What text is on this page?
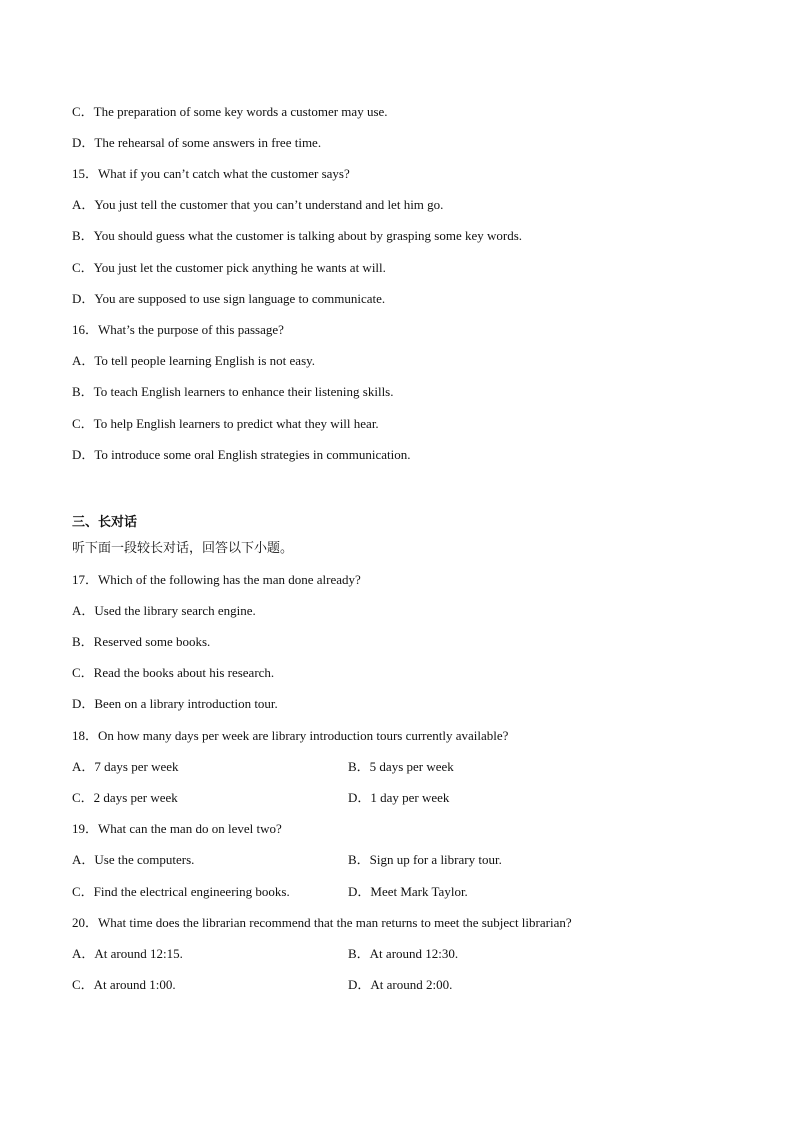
C．The preparation of some key words a customer may use.
D．The rehearsal of some answers in free time.
15．What if you can’t catch what the customer says?
A．You just tell the customer that you can’t understand and let him go.
B．You should guess what the customer is talking about by grasping some key words.
C．You just let the customer pick anything he wants at will.
D．You are supposed to use sign language to communicate.
16．What’s the purpose of this passage?
A．To tell people learning English is not easy.
B．To teach English learners to enhance their listening skills.
C．To help English learners to predict what they will hear.
D．To introduce some oral English strategies in communication.
三、长对话
听下面一段较长对话，回答以下小题。
17．Which of the following has the man done already?
A．Used the library search engine.
B．Reserved some books.
C．Read the books about his research.
D．Been on a library introduction tour.
18．On how many days per week are library introduction tours currently available?
A．7 days per week	B．5 days per week
C．2 days per week	D．1 day per week
19．What can the man do on level two?
A．Use the computers.	B．Sign up for a library tour.
C．Find the electrical engineering books.	D．Meet Mark Taylor.
20．What time does the librarian recommend that the man returns to meet the subject librarian?
A．At around 12:15.	B．At around 12:30.
C．At around 1:00.	D．At around 2:00.
